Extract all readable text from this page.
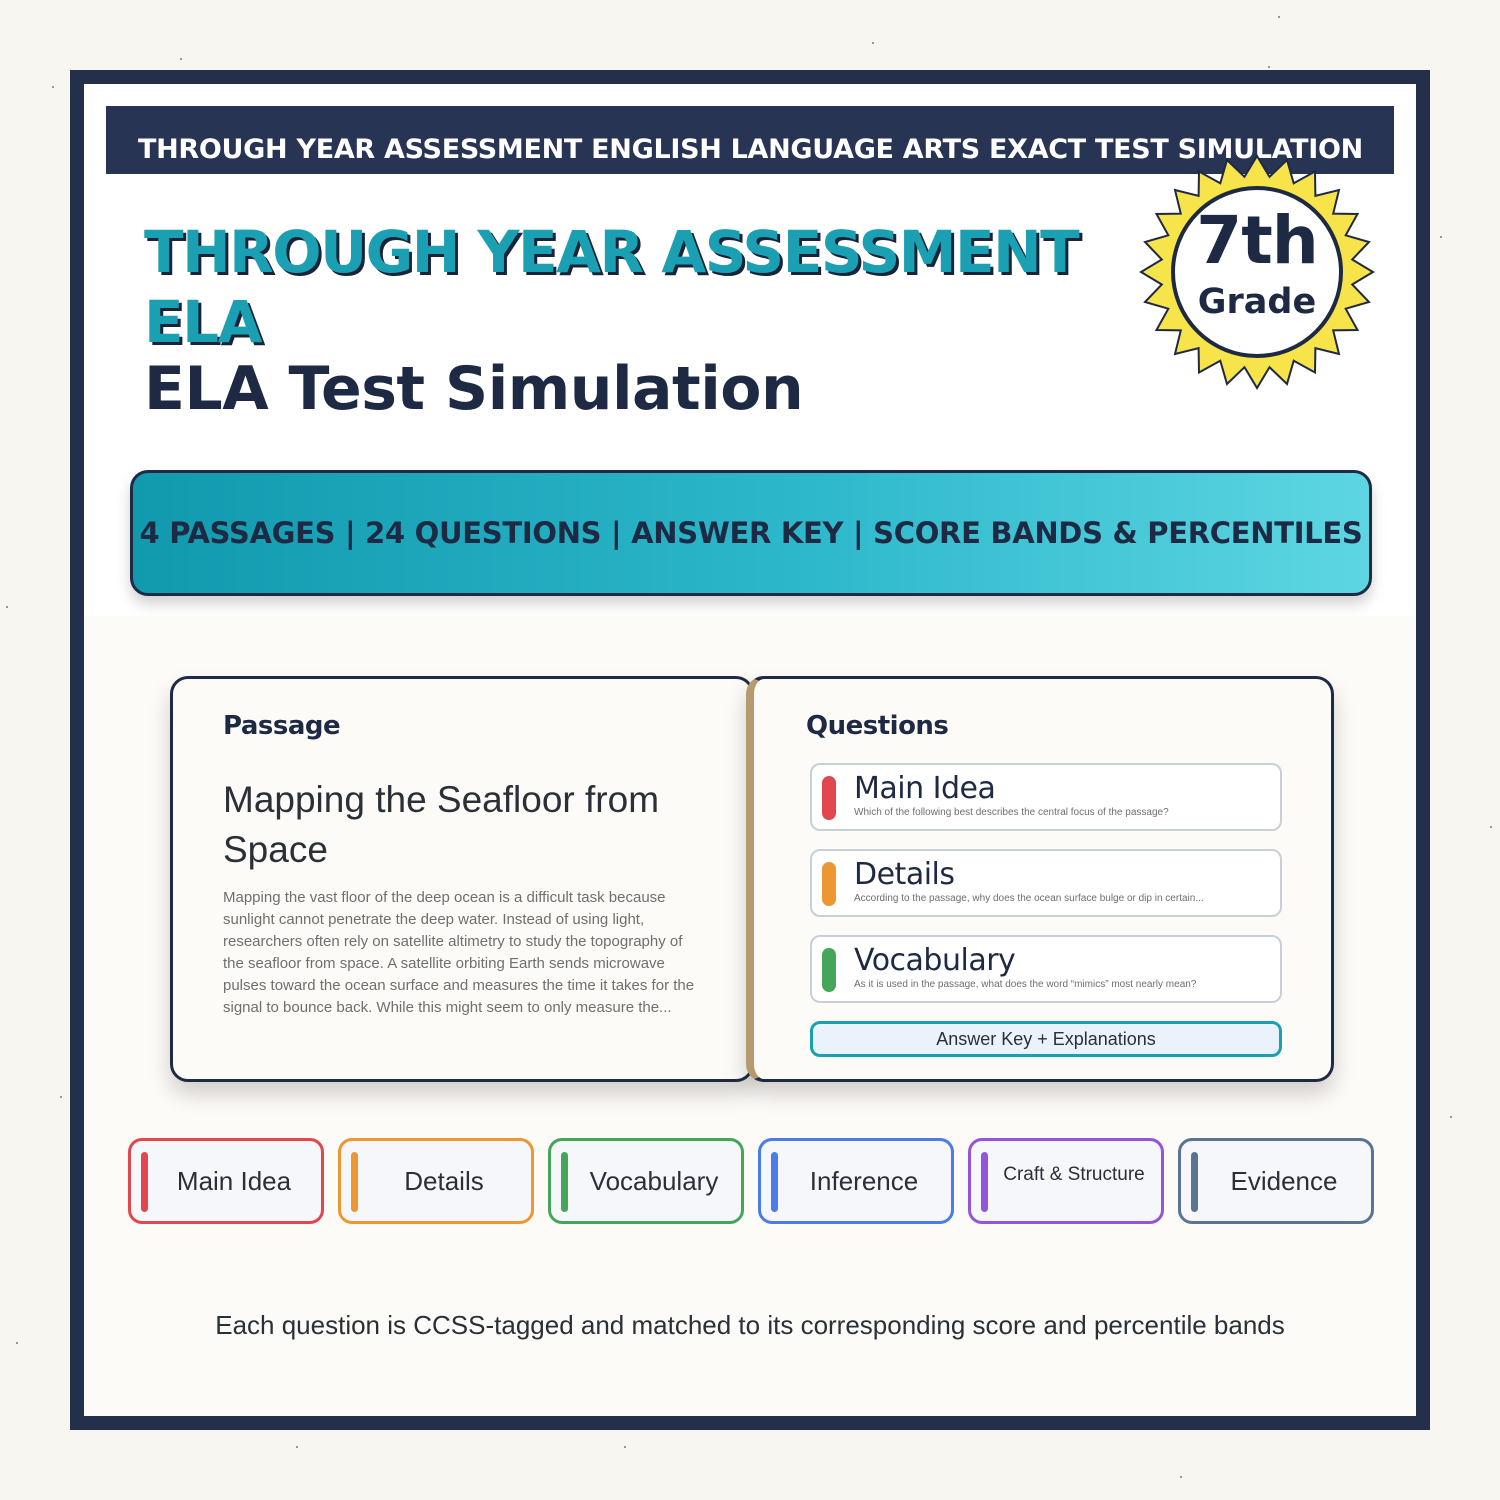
THROUGH YEAR ASSESSMENT ENGLISH LANGUAGE ARTS EXACT TEST SIMULATION
THROUGH YEAR ASSESSMENT
ELA
ELA Test Simulation
7th
Grade
4 PASSAGES | 24 QUESTIONS | ANSWER KEY | SCORE BANDS & PERCENTILES
Passage
Mapping the Seafloor from Space
Mapping the vast floor of the deep ocean is a difficult task because sunlight cannot penetrate the deep water. Instead of using light, researchers often rely on satellite altimetry to study the topography of the seafloor from space. A satellite orbiting Earth sends microwave pulses toward the ocean surface and measures the time it takes for the signal to bounce back. While this might seem to only measure the...
Questions
Main Idea
Which of the following best describes the central focus of the passage?
Details
According to the passage, why does the ocean surface bulge or dip in certain...
Vocabulary
As it is used in the passage, what does the word “mimics” most nearly mean?
Answer Key + Explanations
Main Idea	Details	Vocabulary	Inference	Craft & Structure	Evidence
Each question is CCSS-tagged and matched to its corresponding score and percentile bands
